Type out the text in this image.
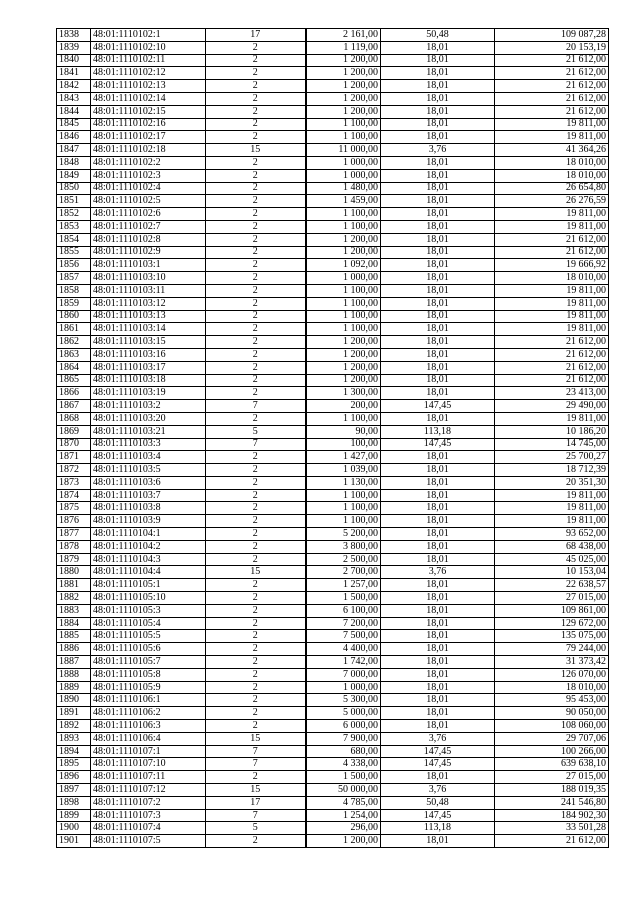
1838	48:01:1110102:1	17	2 161,00	50,48	109 087,28
1839	48:01:1110102:10	2	1 119,00	18,01	20 153,19
1840	48:01:1110102:11	2	1 200,00	18,01	21 612,00
1841	48:01:1110102:12	2	1 200,00	18,01	21 612,00
1842	48:01:1110102:13	2	1 200,00	18,01	21 612,00
1843	48:01:1110102:14	2	1 200,00	18,01	21 612,00
1844	48:01:1110102:15	2	1 200,00	18,01	21 612,00
1845	48:01:1110102:16	2	1 100,00	18,01	19 811,00
1846	48:01:1110102:17	2	1 100,00	18,01	19 811,00
1847	48:01:1110102:18	15	11 000,00	3,76	41 364,26
1848	48:01:1110102:2	2	1 000,00	18,01	18 010,00
1849	48:01:1110102:3	2	1 000,00	18,01	18 010,00
1850	48:01:1110102:4	2	1 480,00	18,01	26 654,80
1851	48:01:1110102:5	2	1 459,00	18,01	26 276,59
1852	48:01:1110102:6	2	1 100,00	18,01	19 811,00
1853	48:01:1110102:7	2	1 100,00	18,01	19 811,00
1854	48:01:1110102:8	2	1 200,00	18,01	21 612,00
1855	48:01:1110102:9	2	1 200,00	18,01	21 612,00
1856	48:01:1110103:1	2	1 092,00	18,01	19 666,92
1857	48:01:1110103:10	2	1 000,00	18,01	18 010,00
1858	48:01:1110103:11	2	1 100,00	18,01	19 811,00
1859	48:01:1110103:12	2	1 100,00	18,01	19 811,00
1860	48:01:1110103:13	2	1 100,00	18,01	19 811,00
1861	48:01:1110103:14	2	1 100,00	18,01	19 811,00
1862	48:01:1110103:15	2	1 200,00	18,01	21 612,00
1863	48:01:1110103:16	2	1 200,00	18,01	21 612,00
1864	48:01:1110103:17	2	1 200,00	18,01	21 612,00
1865	48:01:1110103:18	2	1 200,00	18,01	21 612,00
1866	48:01:1110103:19	2	1 300,00	18,01	23 413,00
1867	48:01:1110103:2	7	200,00	147,45	29 490,00
1868	48:01:1110103:20	2	1 100,00	18,01	19 811,00
1869	48:01:1110103:21	5	90,00	113,18	10 186,20
1870	48:01:1110103:3	7	100,00	147,45	14 745,00
1871	48:01:1110103:4	2	1 427,00	18,01	25 700,27
1872	48:01:1110103:5	2	1 039,00	18,01	18 712,39
1873	48:01:1110103:6	2	1 130,00	18,01	20 351,30
1874	48:01:1110103:7	2	1 100,00	18,01	19 811,00
1875	48:01:1110103:8	2	1 100,00	18,01	19 811,00
1876	48:01:1110103:9	2	1 100,00	18,01	19 811,00
1877	48:01:1110104:1	2	5 200,00	18,01	93 652,00
1878	48:01:1110104:2	2	3 800,00	18,01	68 438,00
1879	48:01:1110104:3	2	2 500,00	18,01	45 025,00
1880	48:01:1110104:4	15	2 700,00	3,76	10 153,04
1881	48:01:1110105:1	2	1 257,00	18,01	22 638,57
1882	48:01:1110105:10	2	1 500,00	18,01	27 015,00
1883	48:01:1110105:3	2	6 100,00	18,01	109 861,00
1884	48:01:1110105:4	2	7 200,00	18,01	129 672,00
1885	48:01:1110105:5	2	7 500,00	18,01	135 075,00
1886	48:01:1110105:6	2	4 400,00	18,01	79 244,00
1887	48:01:1110105:7	2	1 742,00	18,01	31 373,42
1888	48:01:1110105:8	2	7 000,00	18,01	126 070,00
1889	48:01:1110105:9	2	1 000,00	18,01	18 010,00
1890	48:01:1110106:1	2	5 300,00	18,01	95 453,00
1891	48:01:1110106:2	2	5 000,00	18,01	90 050,00
1892	48:01:1110106:3	2	6 000,00	18,01	108 060,00
1893	48:01:1110106:4	15	7 900,00	3,76	29 707,06
1894	48:01:1110107:1	7	680,00	147,45	100 266,00
1895	48:01:1110107:10	7	4 338,00	147,45	639 638,10
1896	48:01:1110107:11	2	1 500,00	18,01	27 015,00
1897	48:01:1110107:12	15	50 000,00	3,76	188 019,35
1898	48:01:1110107:2	17	4 785,00	50,48	241 546,80
1899	48:01:1110107:3	7	1 254,00	147,45	184 902,30
1900	48:01:1110107:4	5	296,00	113,18	33 501,28
1901	48:01:1110107:5	2	1 200,00	18,01	21 612,00
